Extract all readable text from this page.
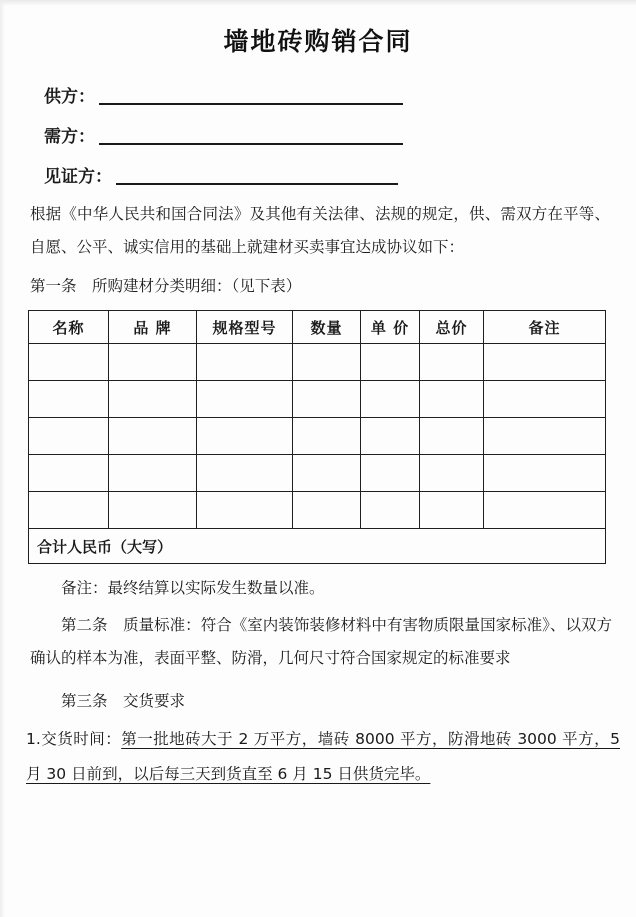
墙地砖购销合同
供方：
需方：
见证方：

根据《中华人民共和国合同法》及其他有关法律、法规的规定，供、需双方在平等、自愿、公平、诚实信用的基础上就建材买卖事宜达成协议如下：

第一条　所购建材分类明细：（见下表）

名称	品 牌	规格型号	数量	单 价	总价	备注

合计人民币（大写）						
备注：最终结算以实际发生数量以准。

第二条　质量标准：符合《室内装饰装修材料中有害物质限量国家标准》、以双方确认的样本为准，表面平整、防滑，几何尺寸符合国家规定的标准要求

第三条　交货要求

1.交货时间：第一批地砖大于 2 万平方，墙砖 8000 平方，防滑地砖 3000 平方，5 月 30 日前到，以后每三天到货直至 6 月 15 日供货完毕。
